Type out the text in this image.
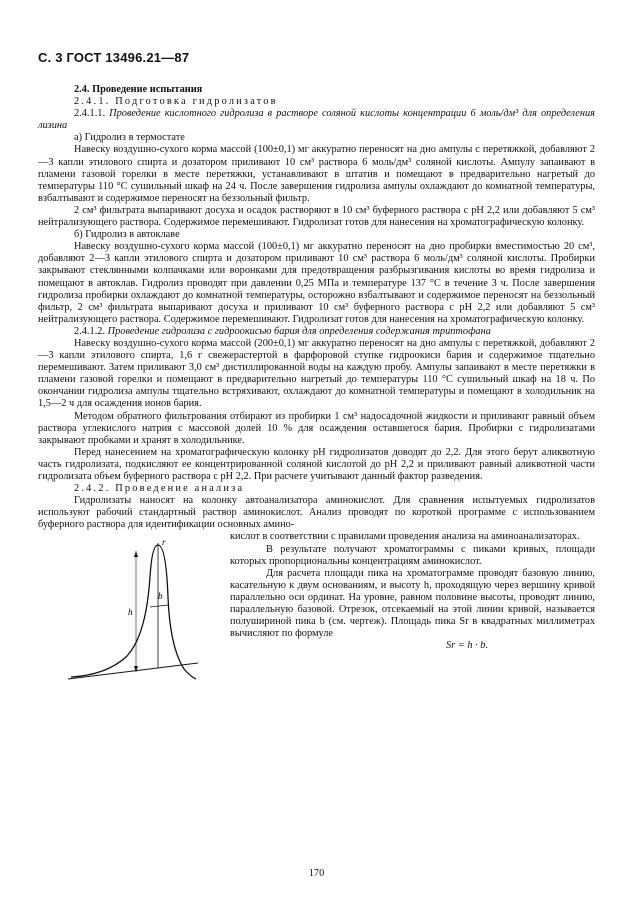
С. 3 ГОСТ 13496.21—87

2.4. Проведение испытания

2.4.1. Подготовка гидролизатов

2.4.1.1. Проведение кислотного гидролиза в растворе соляной кислоты концентрации 6 моль/дм³ для определения лизина

а) Гидролиз в термостате

Навеску воздушно-сухого корма массой (100±0,1) мг аккуратно переносят на дно ампулы с перетяжкой, добавляют 2—3 капли этилового спирта и дозатором приливают 10 см³ раствора 6 моль/дм³ соляной кислоты. Ампулу запаивают в пламени газовой горелки в месте перетяжки, устанавливают в штатив и помещают в предварительно нагретый до температуры 110 °С сушильный шкаф на 24 ч. После завершения гидролиза ампулы охлаждают до комнатной температуры, взбалтывают и содержимое переносят на беззольный фильтр.

2 см³ фильтрата выпаривают досуха и осадок растворяют в 10 см³ буферного раствора с рН 2,2 или добавляют 5 см³ нейтрализующего раствора. Содержимое перемешивают. Гидролизат готов для нанесения на хроматографическую колонку.

б) Гидролиз в автоклаве

Навеску воздушно-сухого корма массой (100±0,1) мг аккуратно переносят на дно пробирки вместимостью 20 см³, добавляют 2—3 капли этилового спирта и дозатором приливают 10 см³ раствора 6 моль/дм³ соляной кислоты. Пробирки закрывают стеклянными колпачками или воронками для предотвращения разбрызгивания кислоты во время гидролиза и помещают в автоклав. Гидролиз проводят при давлении 0,25 МПа и температуре 137 °С в течение 3 ч. После завершения гидролиза пробирки охлаждают до комнатной температуры, осторожно взбалтывают и содержимое переносят на беззольный фильтр, 2 см³ фильтрата выпаривают досуха и приливают 10 см³ буферного раствора с рН 2,2 или добавляют 5 см³ нейтрализующего раствора. Содержимое перемешивают. Гидролизат готов для нанесения на хроматографическую колонку.

2.4.1.2. Проведение гидролиза с гидроокисью бария для определения содержания триптофана

Навеску воздушно-сухого корма массой (200±0,1) мг аккуратно переносят на дно ампулы с перетяжкой, добавляют 2—3 капли этилового спирта, 1,6 г свежерастертой в фарфоровой ступке гидроокиси бария и содержимое тщательно перемешивают. Затем приливают 3,0 см³ дистиллированной воды на каждую пробу. Ампулы запаивают в месте перетяжки в пламени газовой горелки и помещают в предварительно нагретый до температуры 110 °С сушильный шкаф на 18 ч. По окончании гидролиза ампулы тщательно встряхивают, охлаждают до комнатной температуры и помещают в холодильник на 1,5—2 ч для осаждения ионов бария.

Методом обратного фильтрования отбирают из пробирки 1 см³ надосадочной жидкости и приливают равный объем раствора углекислого натрия с массовой долей 10 % для осаждения оставшегося бария. Пробирки с гидролизатами закрывают пробками и хранят в холодильнике.

Перед нанесением на хроматографическую колонку рН гидролизатов доводят до 2,2. Для этого берут аликвотную часть гидролизата, подкисляют ее концентрированной соляной кислотой до рН 2,2 и приливают равный аликвотной части гидролизата объем буферного раствора с рН 2,2. При расчете учитывают данный фактор разведения.

2.4.2. Проведение анализа

Гидролизаты наносят на колонку автоанализатора аминокислот. Для сравнения испытуемых гидролизатов используют рабочий стандартный раствор аминокислот. Анализ проводят по короткой программе с использованием буферного раствора для идентификации основных амино-

h
b
r	кислот в соответствии с правилами проведения анализа на аминоанализаторах.

В результате получают хроматограммы с пиками кривых, площади которых пропорциональны концентрациям аминокислот.

Для расчета площади пика на хроматограмме проводят базовую линию, касательную к двум основаниям, и высоту h, проходящую через вершину кривой параллельно оси ординат. На уровне, равном половине высоты, проводят линию, параллельную базовой. Отрезок, отсекаемый на этой линии кривой, называется полушириной пика b (см. чертеж). Площадь пика Sr в квадратных миллиметрах вычисляют по формуле

Sr = h · b.

170
